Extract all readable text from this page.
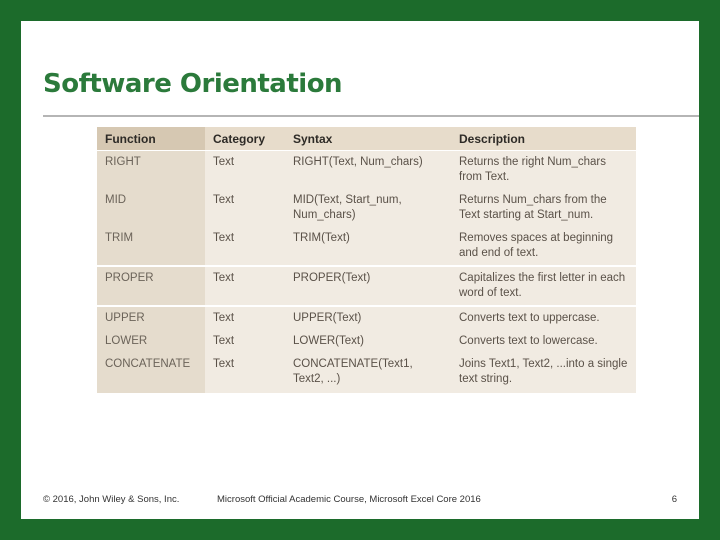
Software Orientation
Function	Category	Syntax	Description
RIGHT	Text	RIGHT(Text, Num_chars)	Returns the right Num_chars from Text.
MID	Text	MID(Text, Start_num, Num_chars)	Returns Num_chars from the Text starting at Start_num.
TRIM	Text	TRIM(Text)	Removes spaces at beginning and end of text.
PROPER	Text	PROPER(Text)	Capitalizes the first letter in each word of text.
UPPER	Text	UPPER(Text)	Converts text to uppercase.
LOWER	Text	LOWER(Text)	Converts text to lowercase.
CONCATENATE	Text	CONCATENATE(Text1, Text2, ...)	Joins Text1, Text2, ...into a single text string.
© 2016, John Wiley & Sons, Inc.	Microsoft Official Academic Course, Microsoft Excel Core 2016	6
